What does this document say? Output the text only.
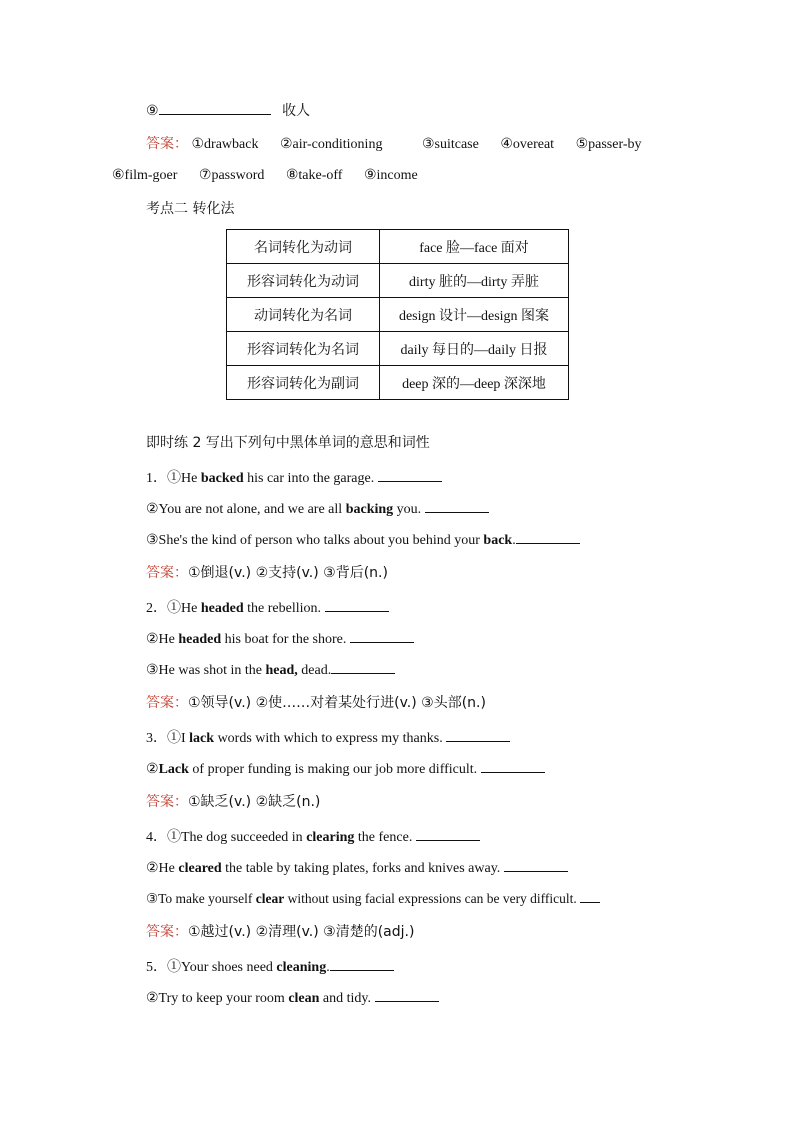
⑨	收人
答案： ①drawback ②air-conditioning	③suitcase ④overeat ⑤passer-by
⑥film-goer ⑦password ⑧take-off ⑨income
考点二 转化法
名词转化为动词	face 脸—face 面对
形容词转化为动词	dirty 脏的—dirty 弄脏
动词转化为名词	design 设计—design 图案
形容词转化为名词	daily 每日的—daily 日报
形容词转化为副词	deep 深的—deep 深深地
即时练 2 写出下列句中黑体单词的意思和词性
1．①He backed his car into the garage.
②You are not alone, and we are all backing you.
③She's the kind of person who talks about you behind your back.
答案：①倒退(v.) ②支持(v.) ③背后(n.)
2．①He headed the rebellion.
②He headed his boat for the shore.
③He was shot in the head, dead.
答案：①领导(v.) ②使……对着某处行进(v.) ③头部(n.)
3．①I lack words with which to express my thanks.
②Lack of proper funding is making our job more difficult.
答案：①缺乏(v.) ②缺乏(n.)
4．①The dog succeeded in clearing the fence.
②He cleared the table by taking plates, forks and knives away.
③To make yourself clear without using facial expressions can be very difficult.
答案：①越过(v.) ②清理(v.) ③清楚的(adj.)
5．①Your shoes need cleaning.
②Try to keep your room clean and tidy.
